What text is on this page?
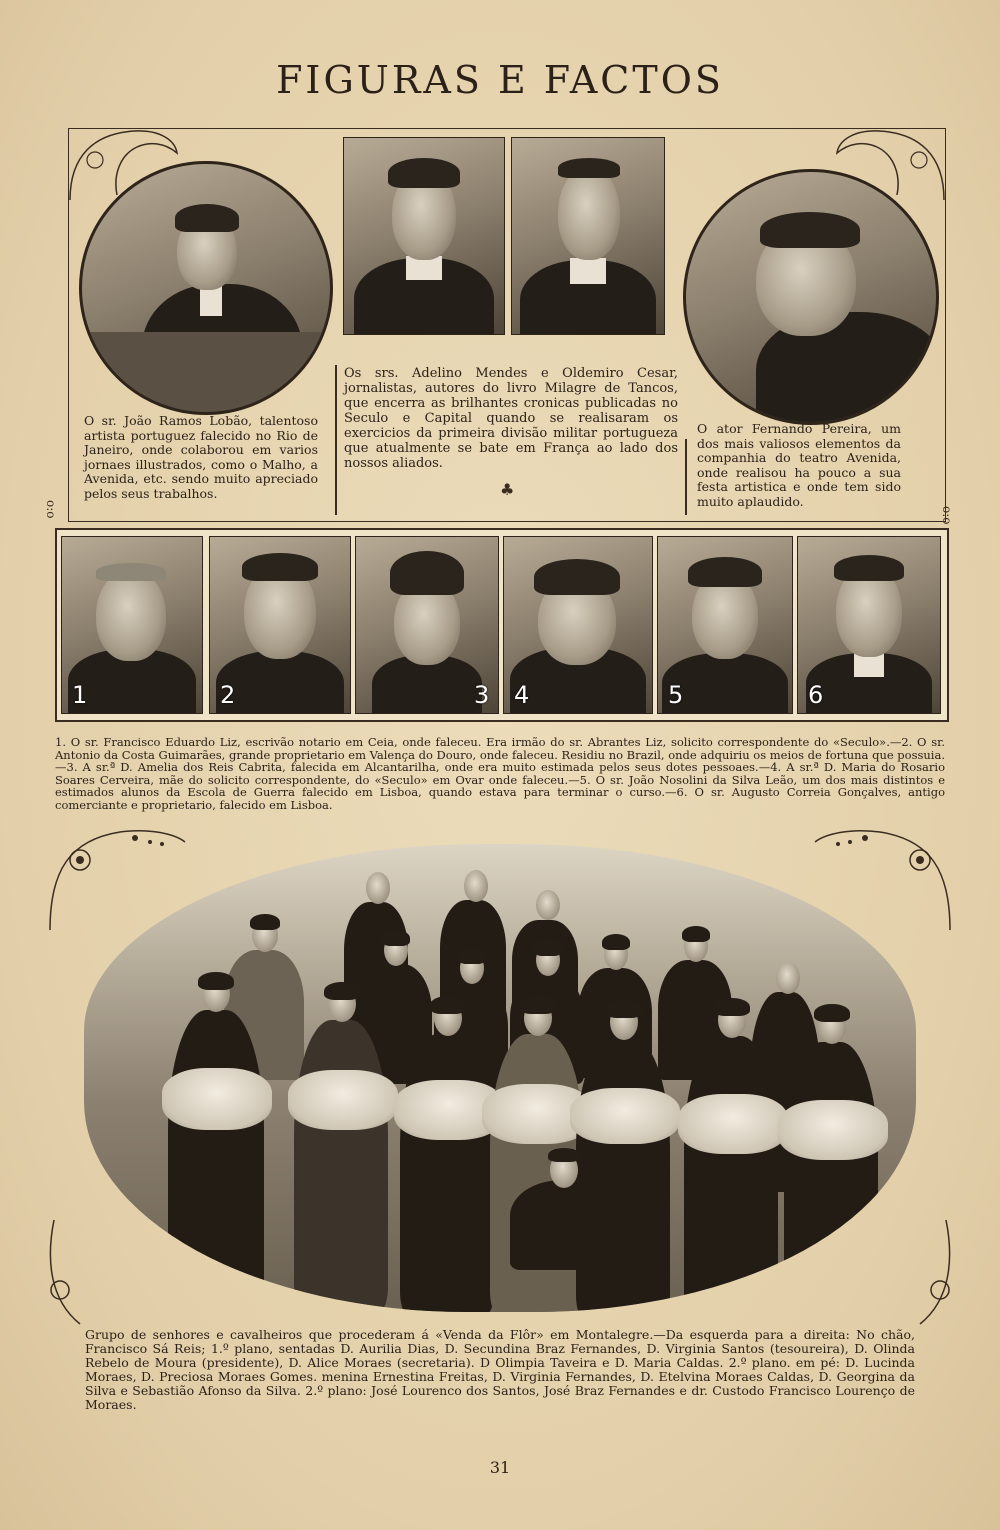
FIGURAS E FACTOS
o:o	o:o
O sr. João Ramos Lobão, talentoso artista portuguez falecido no Rio de Janeiro, onde colaborou em varios jornaes illustrados, como o Malho, a Avenida, etc. sendo muito apreciado pelos seus trabalhos.
Os srs. Adelino Mendes e Oldemiro Cesar, jornalistas, autores do livro Milagre de Tancos, que encerra as brilhantes cronicas publicadas no Seculo e Capital quando se realisaram os exercicios da primeira divisão militar portugueza que atualmente se bate em França ao lado dos nossos aliados.
♣
O ator Fernando Pereira, um dos mais valiosos elementos da companhia do teatro Avenida, onde realisou ha pouco a sua festa artistica e onde tem sido muito aplaudido.
1	2	3 4	5	6
1. O sr. Francisco Eduardo Liz, escrivão notario em Ceia, onde faleceu. Era irmão do sr. Abrantes Liz, solicito correspondente do «Seculo».—2. O sr. Antonio da Costa Guimarães, grande proprietario em Valença do Douro, onde faleceu. Residiu no Brazil, onde adquiriu os meios de fortuna que possuia.—3. A sr.ª D. Amelia dos Reis Cabrita, falecida em Alcantarilha, onde era muito estimada pelos seus dotes pessoaes.—4. A sr.ª D. Maria do Rosario Soares Cerveira, mãe do solicito correspondente, do «Seculo» em Ovar onde faleceu.—5. O sr. João Nosolini da Silva Leão, um dos mais distintos e estimados alunos da Escola de Guerra falecido em Lisboa, quando estava para terminar o curso.—6. O sr. Augusto Correia Gonçalves, antigo comerciante e proprietario, falecido em Lisboa.
Grupo de senhores e cavalheiros que procederam á «Venda da Flôr» em Montalegre.—Da esquerda para a direita: No chão, Francisco Sá Reis; 1.º plano, sentadas D. Aurilia Dias, D. Secundina Braz Fernandes, D. Virginia Santos (tesoureira), D. Olinda Rebelo de Moura (presidente), D. Alice Moraes (secretaria). D Olimpia Taveira e D. Maria Caldas. 2.º plano. em pé: D. Lucinda Moraes, D. Preciosa Moraes Gomes. menina Ernestina Freitas, D. Virginia Fernandes, D. Etelvina Moraes Caldas, D. Georgina da Silva e Sebastião Afonso da Silva. 2.º plano: José Lourenco dos Santos, José Braz Fernandes e dr. Custodo Francisco Lourenço de Moraes.
31
